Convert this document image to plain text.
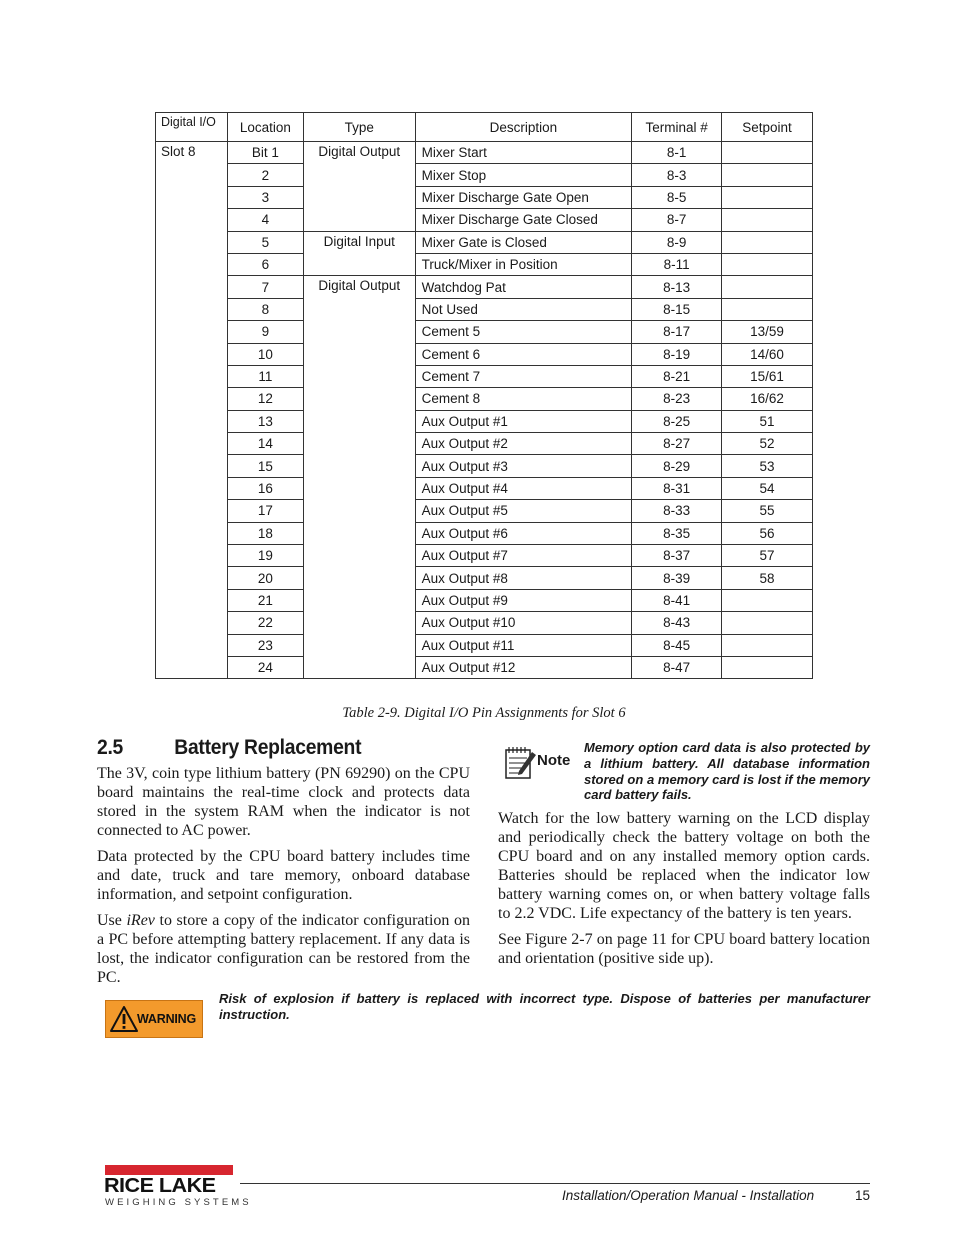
Digital I/O	Location	Type	Description	Terminal #	Setpoint
Slot 8	Bit 1	Digital Output	Mixer Start	8-1	
	2		Mixer Stop	8-3	
	3		Mixer Discharge Gate Open	8-5	
	4		Mixer Discharge Gate Closed	8-7	
	5	Digital Input	Mixer Gate is Closed	8-9	
	6		Truck/Mixer in Position	8-11	
	7	Digital Output	Watchdog Pat	8-13	
	8		Not Used	8-15	
	9		Cement 5	8-17	13/59
	10		Cement 6	8-19	14/60
	11		Cement 7	8-21	15/61
	12		Cement 8	8-23	16/62
	13		Aux Output #1	8-25	51
	14		Aux Output #2	8-27	52
	15		Aux Output #3	8-29	53
	16		Aux Output #4	8-31	54
	17		Aux Output #5	8-33	55
	18		Aux Output #6	8-35	56
	19		Aux Output #7	8-37	57
	20		Aux Output #8	8-39	58
	21		Aux Output #9	8-41	
	22		Aux Output #10	8-43	
	23		Aux Output #11	8-45	
	24		Aux Output #12	8-47	
Table 2-9. Digital I/O Pin Assignments for Slot 6
2.5 Battery Replacement

The 3V, coin type lithium battery (PN 69290) on the CPU board maintains the real-time clock and protects data stored in the system RAM when the indicator is not connected to AC power.

Data protected by the CPU board battery includes time and date, truck and tare memory, onboard database information, and setpoint configuration.

Use iRev to store a copy of the indicator configuration on a PC before attempting battery replacement. If any data is lost, the indicator configuration can be restored from the PC.

Note
Memory option card data is also protected by a lithium battery. All database information stored on a memory card is lost if the memory card battery fails.

Watch for the low battery warning on the LCD display and periodically check the battery voltage on both the CPU board and on any installed memory option cards. Batteries should be replaced when the indicator low battery warning comes on, or when battery voltage falls to 2.2 VDC. Life expectancy of the battery is ten years.

See Figure 2-7 on page 11 for CPU board battery location and orientation (positive side up).

WARNING
Risk of explosion if battery is replaced with incorrect type. Dispose of batteries per manufacturer instruction.
RICE LAKE
WEIGHING SYSTEMS	Installation/Operation Manual - Installation	15
